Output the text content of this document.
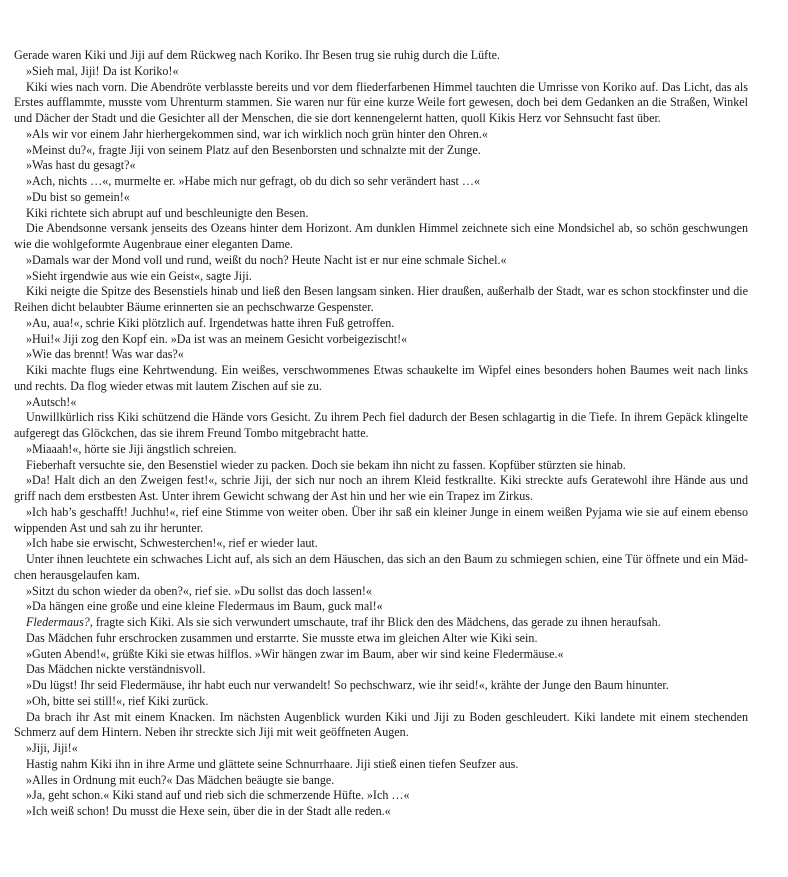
Gerade waren Kiki und Jiji auf dem Rückweg nach Koriko. Ihr Besen trug sie ruhig durch die Lüfte.

»Sieh mal, Jiji! Da ist Koriko!«

Kiki wies nach vorn. Die Abendröte verblasste bereits und vor dem fliederfarbenen Himmel tauchten die Umrisse von Koriko auf. Das Licht, das als Erstes aufflammte, musste vom Uhrenturm stammen. Sie waren nur für eine kurze Weile fort gewesen, doch bei dem Gedanken an die Straßen, Winkel und Dächer der Stadt und die Gesichter all der Menschen, die sie dort kennengelernt hatten, quoll Kikis Herz vor Sehnsucht fast über.

»Als wir vor einem Jahr hierhergekommen sind, war ich wirklich noch grün hinter den Ohren.«

»Meinst du?«, fragte Jiji von seinem Platz auf den Besenborsten und schnalzte mit der Zunge.

»Was hast du gesagt?«

»Ach, nichts …«, murmelte er. »Habe mich nur gefragt, ob du dich so sehr verändert hast …«

»Du bist so gemein!«

Kiki richtete sich abrupt auf und beschleunigte den Besen.

Die Abendsonne versank jenseits des Ozeans hinter dem Horizont. Am dunklen Himmel zeichnete sich eine Mondsichel ab, so schön geschwungen wie die wohlgeformte Augenbraue einer eleganten Dame.

»Damals war der Mond voll und rund, weißt du noch? Heute Nacht ist er nur eine schmale Sichel.«

»Sieht irgendwie aus wie ein Geist«, sagte Jiji.

Kiki neigte die Spitze des Besenstiels hinab und ließ den Besen langsam sinken. Hier draußen, außerhalb der Stadt, war es schon stockfinster und die Reihen dicht belaubter Bäume erinnerten sie an pechschwarze Gespenster.

»Au, aua!«, schrie Kiki plötzlich auf. Irgendetwas hatte ihren Fuß getroffen.

»Hui!« Jiji zog den Kopf ein. »Da ist was an meinem Gesicht vorbeigezischt!«

»Wie das brennt! Was war das?«

Kiki machte flugs eine Kehrtwendung. Ein weißes, verschwommenes Etwas schaukelte im Wipfel eines besonders hohen Baumes weit nach links und rechts. Da flog wieder etwas mit lautem Zischen auf sie zu.

»Autsch!«

Unwillkürlich riss Kiki schützend die Hände vors Gesicht. Zu ihrem Pech fiel dadurch der Besen schlagartig in die Tiefe. In ihrem Gepäck klingelte aufgeregt das Glöckchen, das sie ihrem Freund Tombo mitgebracht hatte.

»Miaaah!«, hörte sie Jiji ängstlich schreien.

Fieberhaft versuchte sie, den Besenstiel wieder zu packen. Doch sie bekam ihn nicht zu fassen. Kopfüber stürzten sie hinab.

»Da! Halt dich an den Zweigen fest!«, schrie Jiji, der sich nur noch an ihrem Kleid festkrallte. Kiki streckte aufs Geratewohl ihre Hände aus und griff nach dem erstbesten Ast. Unter ihrem Gewicht schwang der Ast hin und her wie ein Trapez im Zirkus.

»Ich hab’s geschafft! Juchhu!«, rief eine Stimme von weiter oben. Über ihr saß ein kleiner Junge in einem weißen Pyjama wie sie auf einem ebenso wippenden Ast und sah zu ihr herunter.

»Ich habe sie erwischt, Schwesterchen!«, rief er wieder laut.

Unter ihnen leuchtete ein schwaches Licht auf, als sich an dem Häuschen, das sich an den Baum zu schmiegen schien, eine Tür öffnete und ein Mäd-chen herausgelaufen kam.

»Sitzt du schon wieder da oben?«, rief sie. »Du sollst das doch lassen!«

»Da hängen eine große und eine kleine Fledermaus im Baum, guck mal!«

Fledermaus?, fragte sich Kiki. Als sie sich verwundert umschaute, traf ihr Blick den des Mädchens, das gerade zu ihnen heraufsah.

Das Mädchen fuhr erschrocken zusammen und erstarrte. Sie musste etwa im gleichen Alter wie Kiki sein.

»Guten Abend!«, grüßte Kiki sie etwas hilflos. »Wir hängen zwar im Baum, aber wir sind keine Fledermäuse.«

Das Mädchen nickte verständnisvoll.

»Du lügst! Ihr seid Fledermäuse, ihr habt euch nur verwandelt! So pechschwarz, wie ihr seid!«, krähte der Junge den Baum hinunter.

»Oh, bitte sei still!«, rief Kiki zurück.

Da brach ihr Ast mit einem Knacken. Im nächsten Augenblick wurden Kiki und Jiji zu Boden geschleudert. Kiki landete mit einem stechenden Schmerz auf dem Hintern. Neben ihr streckte sich Jiji mit weit geöffneten Augen.

»Jiji, Jiji!«

Hastig nahm Kiki ihn in ihre Arme und glättete seine Schnurrhaare. Jiji stieß einen tiefen Seufzer aus.

»Alles in Ordnung mit euch?« Das Mädchen beäugte sie bange.

»Ja, geht schon.« Kiki stand auf und rieb sich die schmerzende Hüfte. »Ich …«

»Ich weiß schon! Du musst die Hexe sein, über die in der Stadt alle reden.«
